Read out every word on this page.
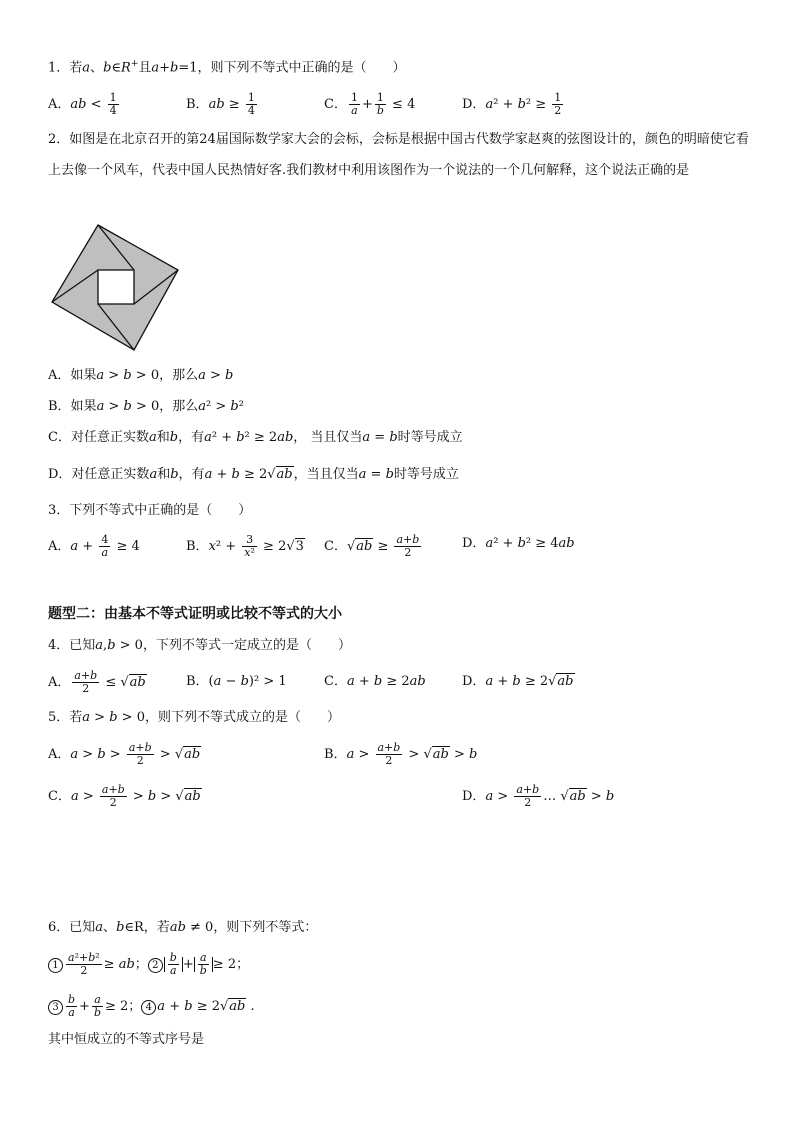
1．若a、b∈R+且a+b=1，则下列不等式中正确的是（　　）
A．ab < $\frac{1}{4}$	B．ab ≥ $\frac{1}{4}$	C． $\frac{1}{a} + \frac{1}{b} \le 4$	D．$a^2 + b^2 \ge \frac{1}{2}$
2．如图是在北京召开的第24届国际数学家大会的会标，会标是根据中国古代数学家赵爽的弦图设计的，颜色的明暗使它看上去像一个风车，代表中国人民热情好客.我们教材中利用该图作为一个说法的一个几何解释，这个说法正确的是
A．如果a > b > 0，那么a > b
B．如果a > b > 0，那么a² > b²
C．对任意正实数a和b，有a² + b² ≥ 2ab， 当且仅当a = b时等号成立
D．对任意正实数a和b，有a + b ≥ 2√ab，当且仅当a = b时等号成立
3．下列不等式中正确的是（　　）
A．$a + \frac{4}{a} \ge 4$	B．$x^2 + \frac{3}{\text{x²}} \ge 2√3$ C．$√ab \ge \frac{a+b}{2}$	D．a² + b² ≥ 4ab
题型二：由基本不等式证明或比较不等式的大小
4．已知a,b > 0，下列不等式一定成立的是（　　）
A． $\frac{a+b}{2} \le √ab$	B．(a − b)² > 1	C．a + b ≥ 2ab	D．a + b ≥ 2√ab
5．若a > b > 0，则下列不等式成立的是（　　）
A．$a > b > \frac{a+b}{2} > √ab$	B．$a > \frac{a+b}{2} > √ab > b$
C．$a > \frac{a+b}{2} > b > √ab$	D．$a > \frac{a+b}{2}$ … √ab > b
6．已知a、b∈R，若ab ≠ 0，则下列不等式：
$1 \frac{\text{a²+b²}}{2}$ ≥ ab； $2 \frac{b}{a} + \frac{a}{b} \ge 2$；
$3 \frac{b}{a} + \frac{a}{b} \ge 2$； 4 a + b ≥ 2√ab .
其中恒成立的不等式序号是
